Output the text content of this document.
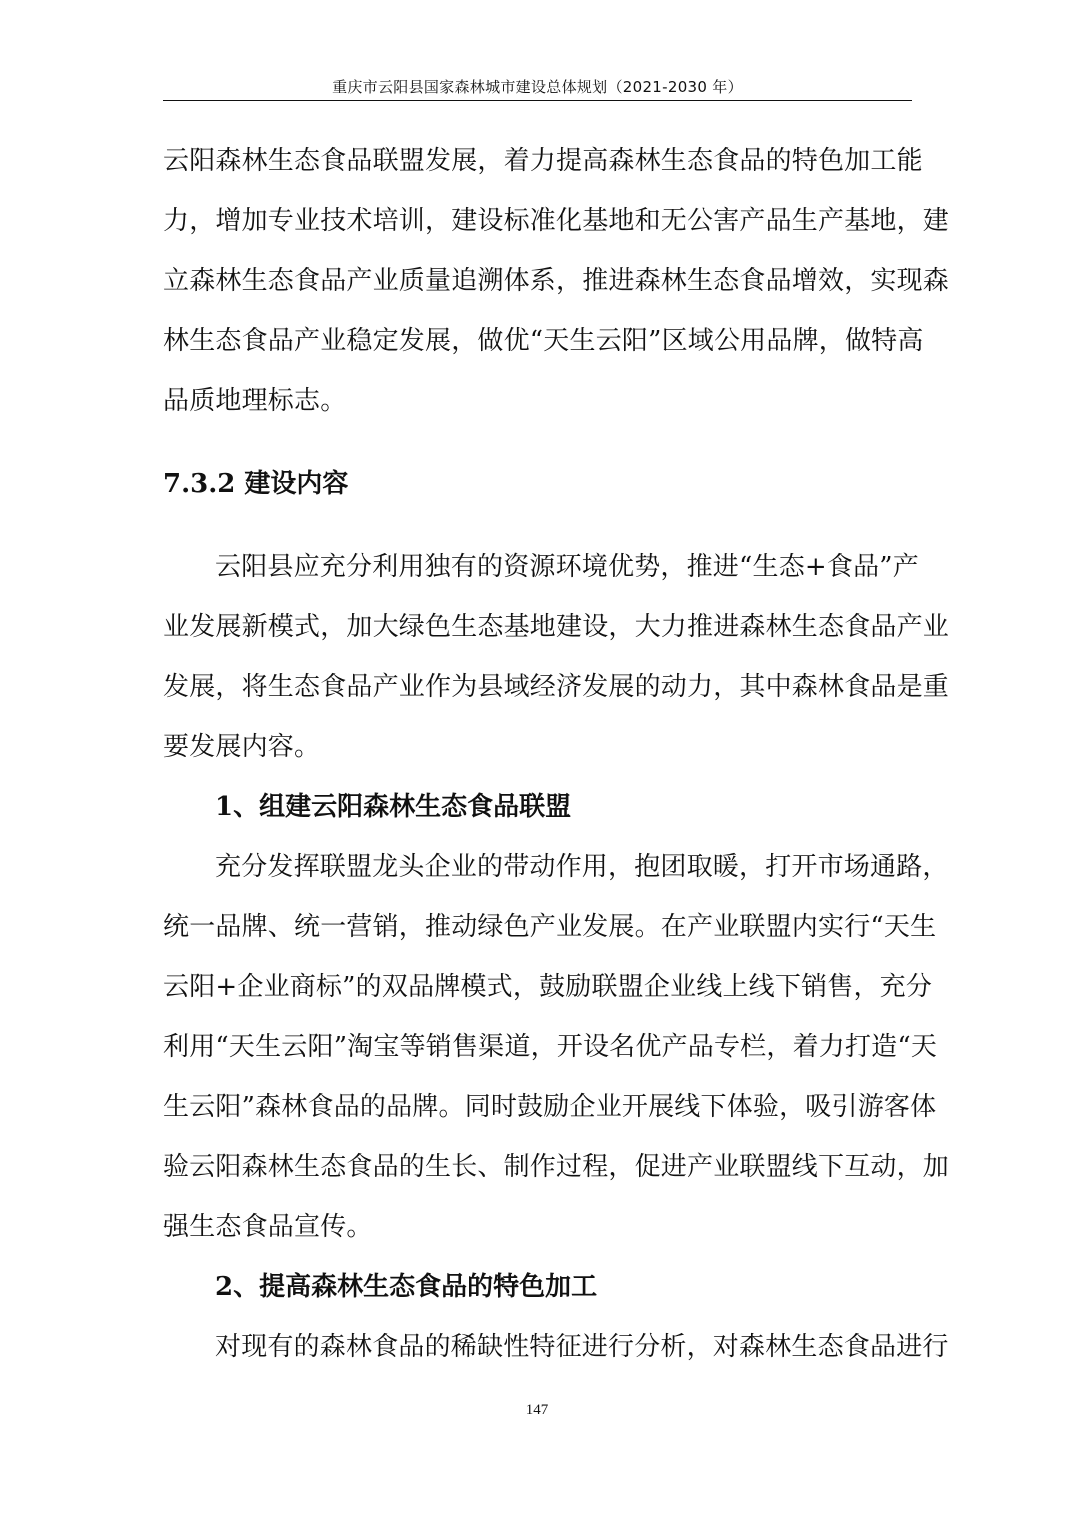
重庆市云阳县国家森林城市建设总体规划（2021-2030 年）
云阳森林生态食品联盟发展，着力提高森林生态食品的特色加工能
力，增加专业技术培训，建设标准化基地和无公害产品生产基地，建
立森林生态食品产业质量追溯体系，推进森林生态食品增效，实现森
林生态食品产业稳定发展，做优“天生云阳”区域公用品牌，做特高
品质地理标志。
7.3.2 建设内容
云阳县应充分利用独有的资源环境优势，推进“生态+食品”产
业发展新模式，加大绿色生态基地建设，大力推进森林生态食品产业
发展，将生态食品产业作为县域经济发展的动力，其中森林食品是重
要发展内容。
1、组建云阳森林生态食品联盟
充分发挥联盟龙头企业的带动作用，抱团取暖，打开市场通路，
统一品牌、统一营销，推动绿色产业发展。在产业联盟内实行“天生
云阳+企业商标”的双品牌模式，鼓励联盟企业线上线下销售，充分
利用“天生云阳”淘宝等销售渠道，开设名优产品专栏，着力打造“天
生云阳”森林食品的品牌。同时鼓励企业开展线下体验，吸引游客体
验云阳森林生态食品的生长、制作过程，促进产业联盟线下互动，加
强生态食品宣传。
2、提高森林生态食品的特色加工
对现有的森林食品的稀缺性特征进行分析，对森林生态食品进行
147
